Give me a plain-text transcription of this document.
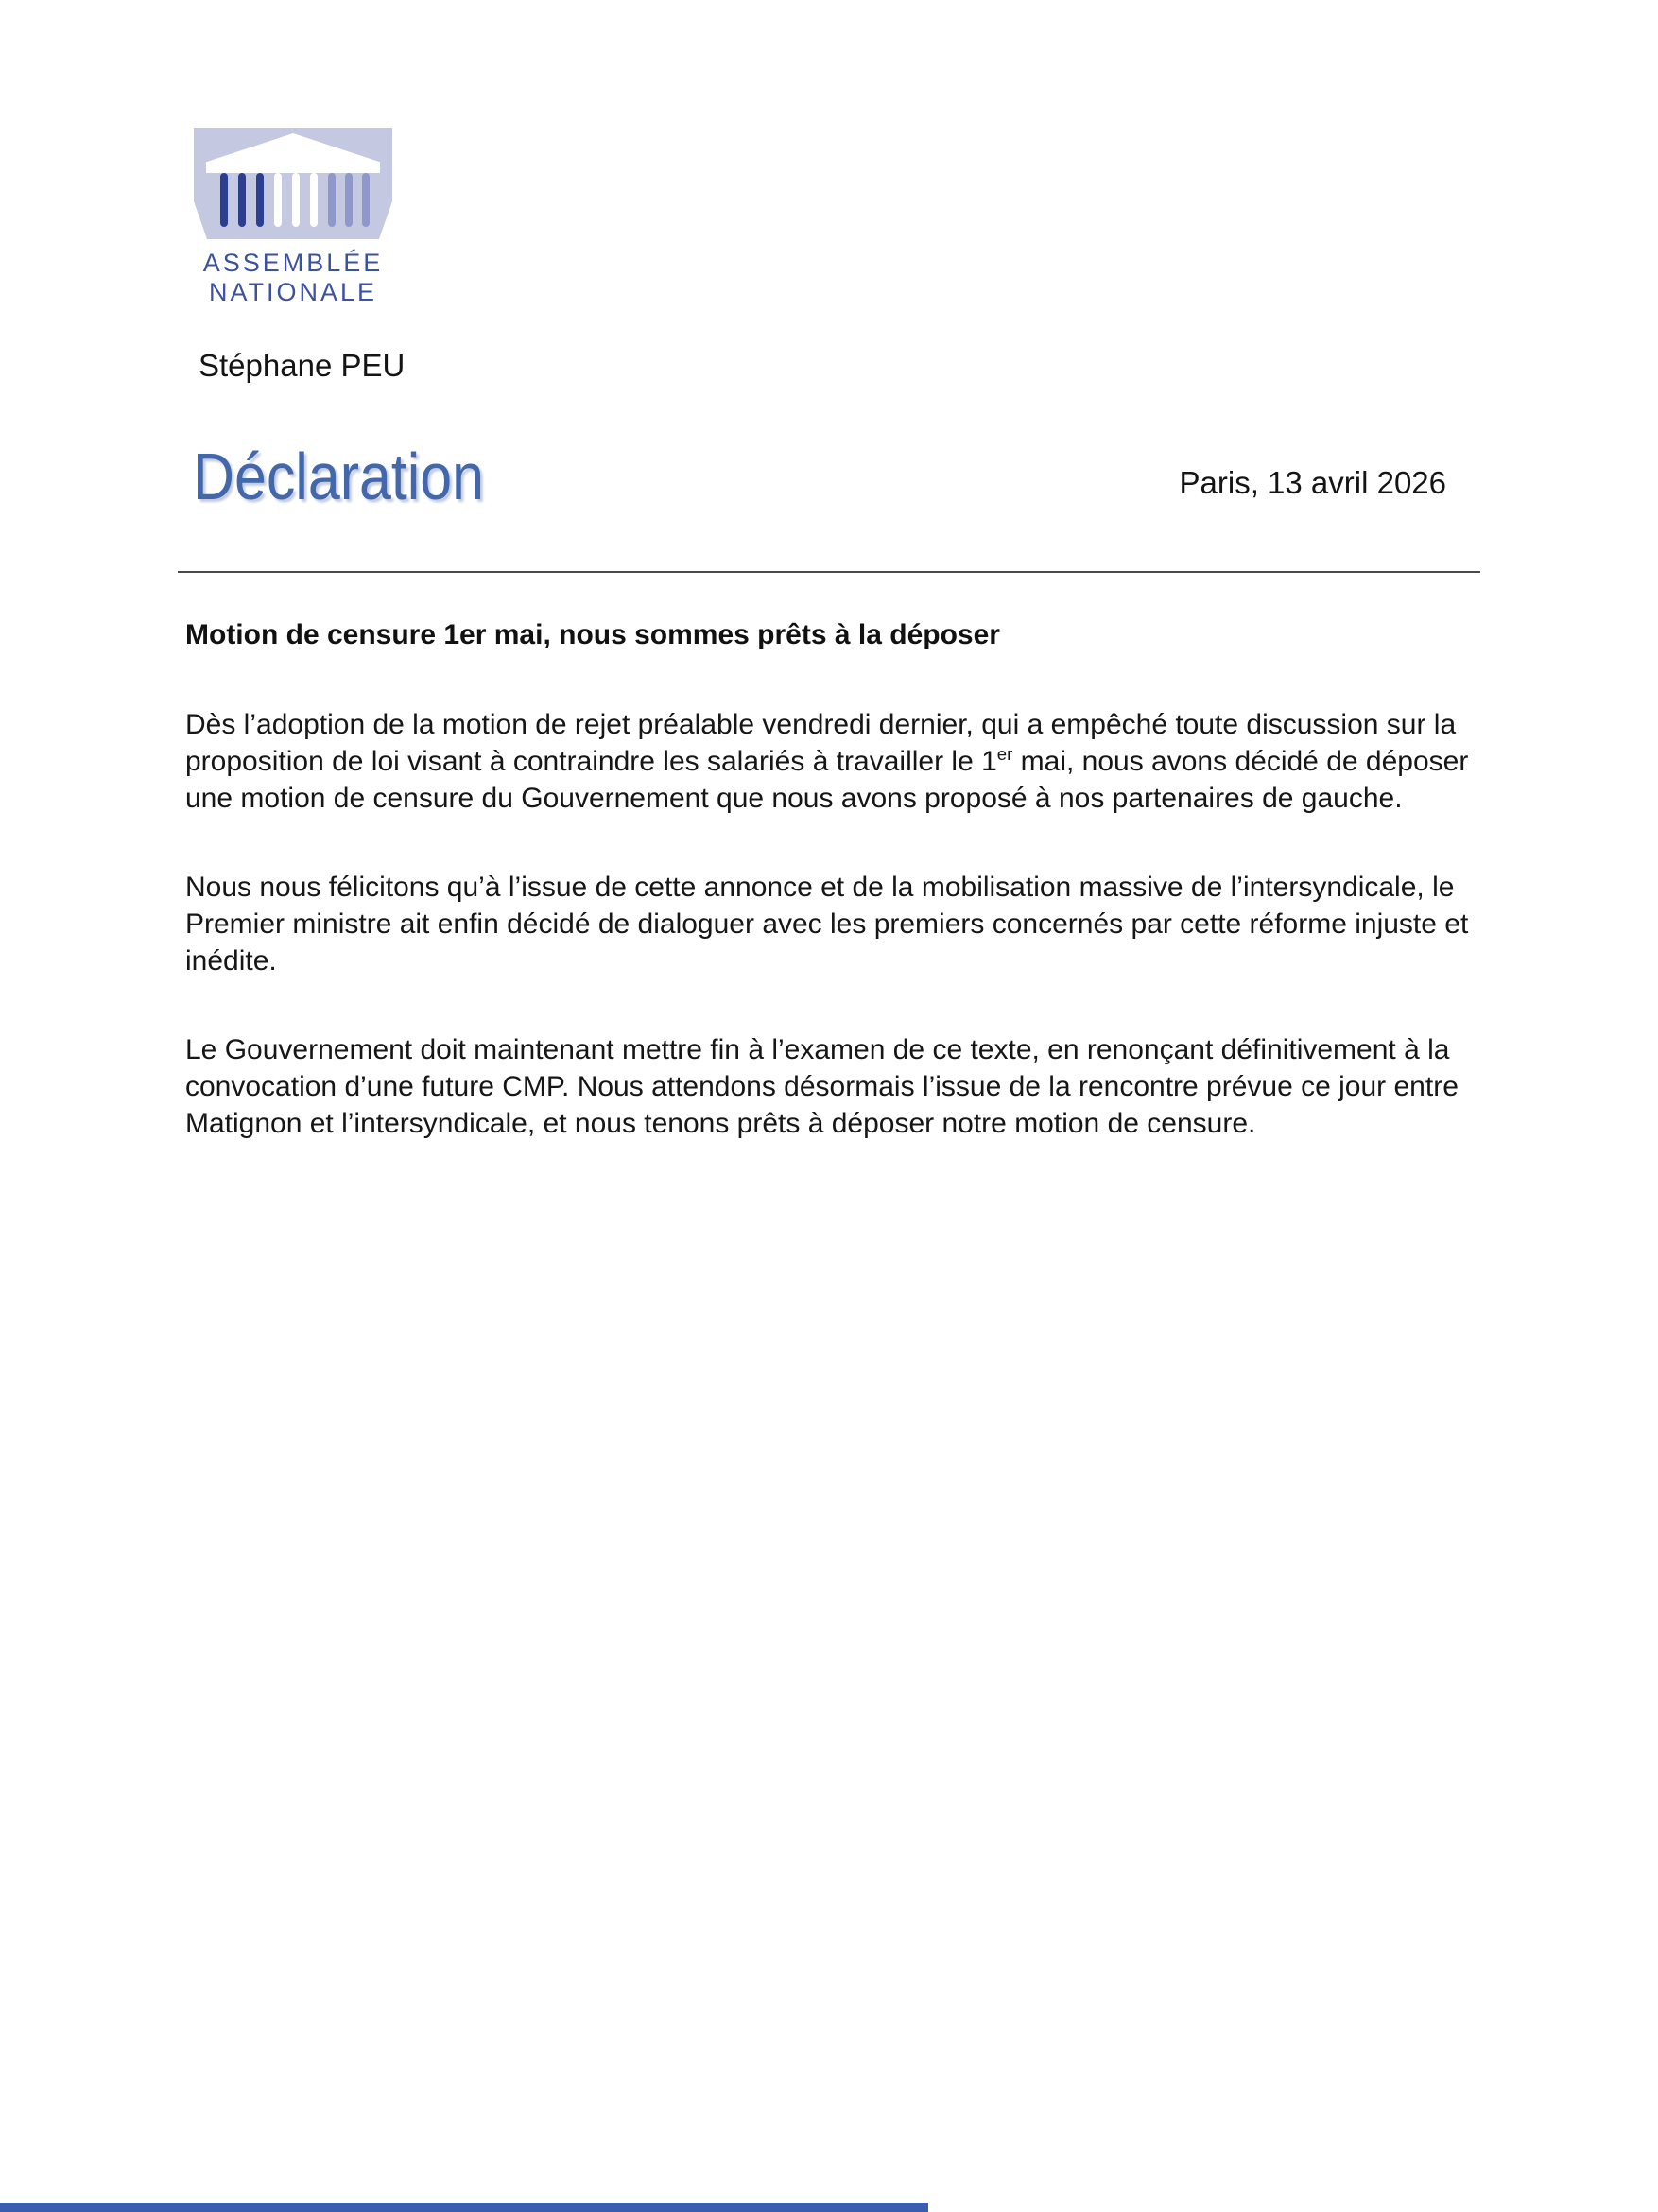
ASSEMBLÉE
NATIONALE
Stéphane PEU
Déclaration	Paris, 13 avril 2026
Motion de censure 1er mai, nous sommes prêts à la déposer

Dès l’adoption de la motion de rejet préalable vendredi dernier, qui a empêché toute discussion sur la proposition de loi visant à contraindre les salariés à travailler le 1er mai, nous avons décidé de déposer une motion de censure du Gouvernement que nous avons proposé à nos partenaires de gauche.

Nous nous félicitons qu’à l’issue de cette annonce et de la mobilisation massive de l’intersyndicale, le Premier ministre ait enfin décidé de dialoguer avec les premiers concernés par cette réforme injuste et inédite.

Le Gouvernement doit maintenant mettre fin à l’examen de ce texte, en renonçant définitivement à la convocation d’une future CMP. Nous attendons désormais l’issue de la rencontre prévue ce jour entre Matignon et l’intersyndicale, et nous tenons prêts à déposer notre motion de censure.
